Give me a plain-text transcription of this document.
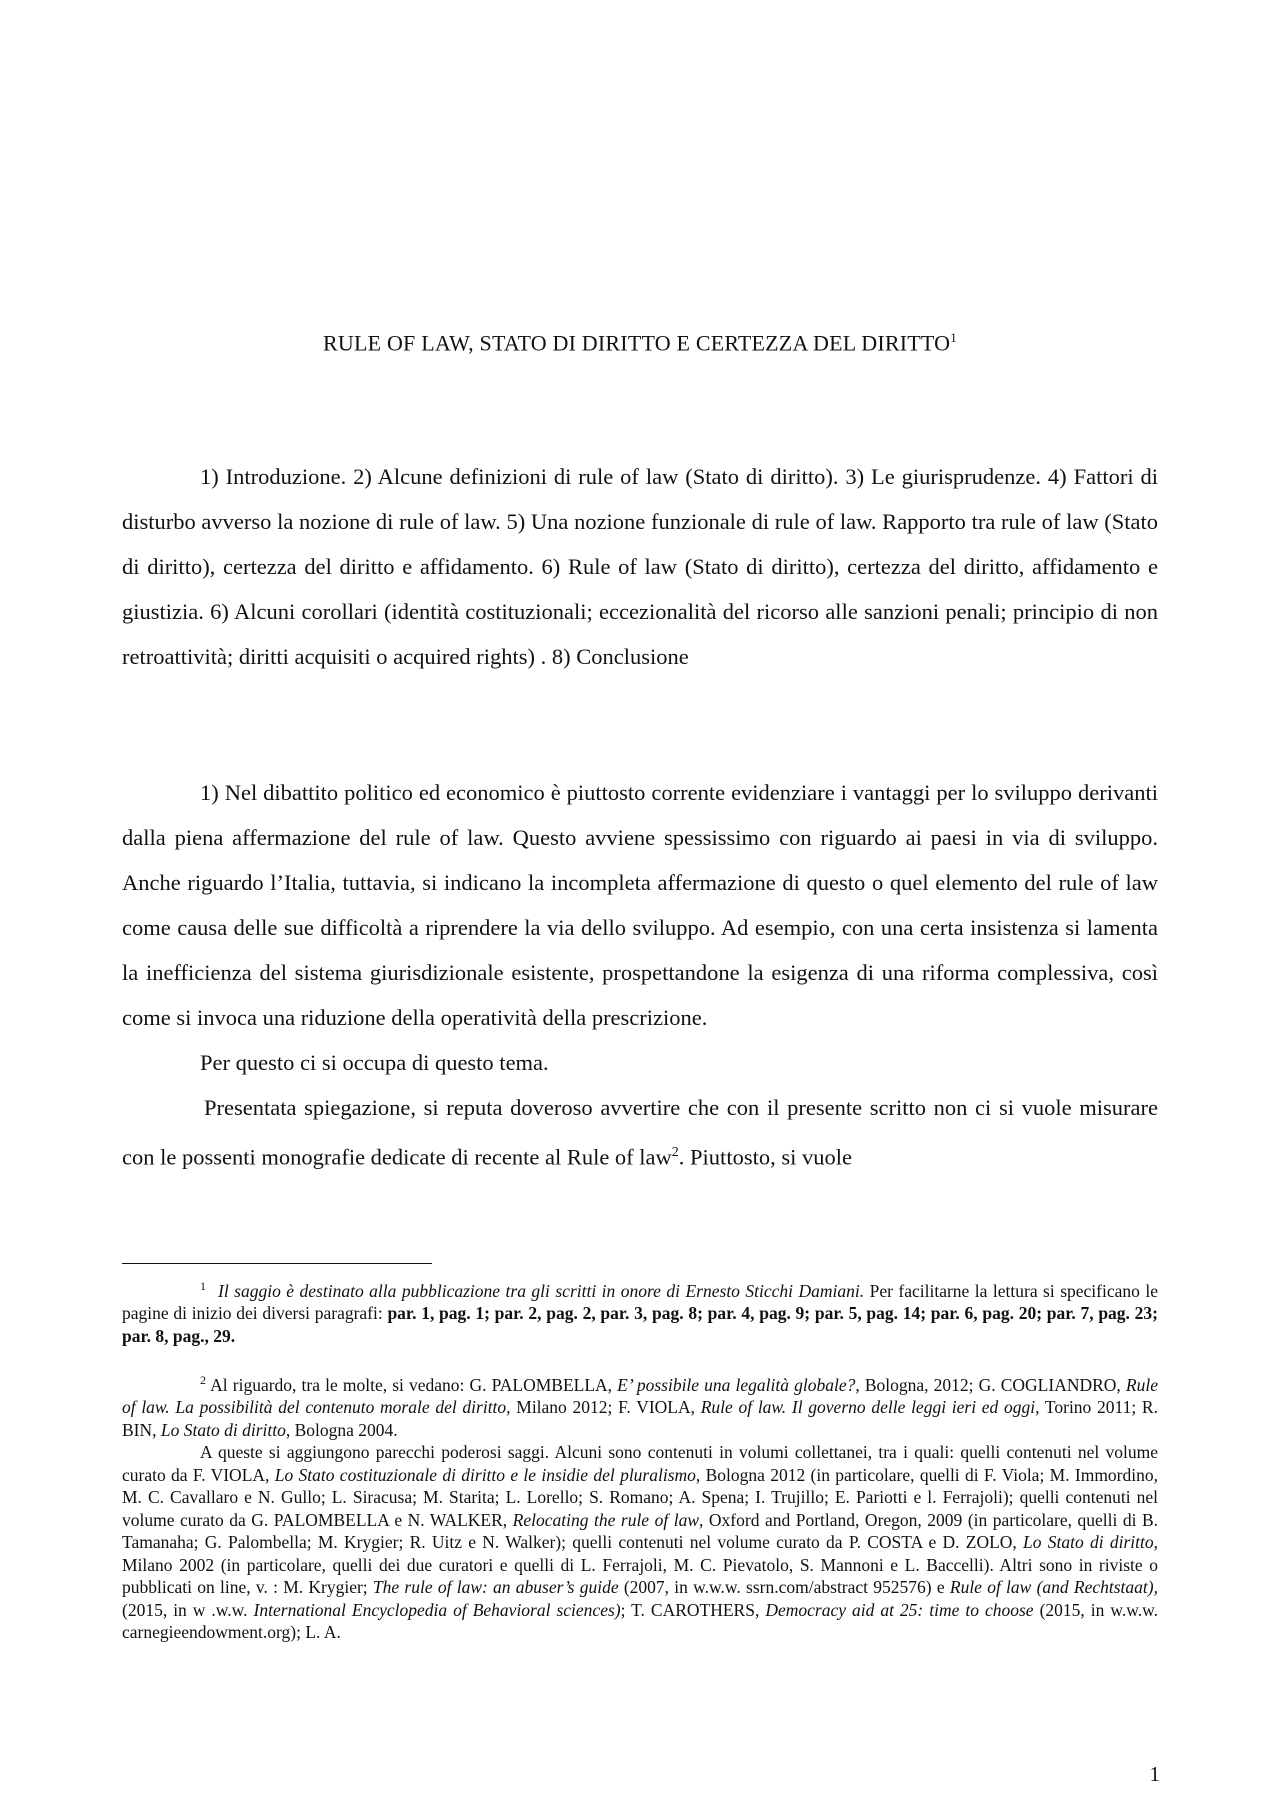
RULE OF LAW, STATO DI DIRITTO E CERTEZZA DEL DIRITTO$^1$

1) Introduzione. 2) Alcune definizioni di rule of law (Stato di diritto). 3) Le giurisprudenze. 4) Fattori di disturbo avverso la nozione di rule of law. 5) Una nozione funzionale di rule of law. Rapporto tra rule of law (Stato di diritto), certezza del diritto e affidamento. 6) Rule of law (Stato di diritto), certezza del diritto, affidamento e giustizia. 6) Alcuni corollari (identità costituzionali; eccezionalità del ricorso alle sanzioni penali; principio di non retroattività; diritti acquisiti o acquired rights) . 8) Conclusione

1) Nel dibattito politico ed economico è piuttosto corrente evidenziare i vantaggi per lo sviluppo derivanti dalla piena affermazione del rule of law. Questo avviene spessissimo con riguardo ai paesi in via di sviluppo. Anche riguardo l’Italia, tuttavia, si indicano la incompleta affermazione di questo o quel elemento del rule of law come causa delle sue difficoltà a riprendere la via dello sviluppo. Ad esempio, con una certa insistenza si lamenta la inefficienza del sistema giurisdizionale esistente, prospettandone la esigenza di una riforma complessiva, così come si invoca una riduzione della operatività della prescrizione.

Per questo ci si occupa di questo tema.

Presentata spiegazione, si reputa doveroso avvertire che con il presente scritto non ci si vuole misurare con le possenti monografie dedicate di recente al Rule of law$^2$. Piuttosto, si vuole

$^1$ Il saggio è destinato alla pubblicazione tra gli scritti in onore di Ernesto Sticchi Damiani. Per facilitarne la lettura si specificano le pagine di inizio dei diversi paragrafi: par. 1, pag. 1; par. 2, pag. 2, par. 3, pag. 8; par. 4, pag. 9; par. 5, pag. 14; par. 6, pag. 20; par. 7, pag. 23; par. 8, pag., 29.

$^2$ Al riguardo, tra le molte, si vedano: G. PALOMBELLA, E’ possibile una legalità globale?, Bologna, 2012; G. COGLIANDRO, Rule of law. La possibilità del contenuto morale del diritto, Milano 2012; F. VIOLA, Rule of law. Il governo delle leggi ieri ed oggi, Torino 2011; R. BIN, Lo Stato di diritto, Bologna 2004.

A queste si aggiungono parecchi poderosi saggi. Alcuni sono contenuti in volumi collettanei, tra i quali: quelli contenuti nel volume curato da F. VIOLA, Lo Stato costituzionale di diritto e le insidie del pluralismo, Bologna 2012 (in particolare, quelli di F. Viola; M. Immordino, M. C. Cavallaro e N. Gullo; L. Siracusa; M. Starita; L. Lorello; S. Romano; A. Spena; I. Trujillo; E. Pariotti e l. Ferrajoli); quelli contenuti nel volume curato da G. PALOMBELLA e N. WALKER, Relocating the rule of law, Oxford and Portland, Oregon, 2009 (in particolare, quelli di B. Tamanaha; G. Palombella; M. Krygier; R. Uitz e N. Walker); quelli contenuti nel volume curato da P. COSTA e D. ZOLO, Lo Stato di diritto, Milano 2002 (in particolare, quelli dei due curatori e quelli di L. Ferrajoli, M. C. Pievatolo, S. Mannoni e L. Baccelli). Altri sono in riviste o pubblicati on line, v. : M. Krygier; The rule of law: an abuser’s guide (2007, in w.w.w. ssrn.com/abstract 952576) e Rule of law (and Rechtstaat), (2015, in w .w.w. International Encyclopedia of Behavioral sciences); T. CAROTHERS, Democracy aid at 25: time to choose (2015, in w.w.w. carnegieendowment.org); L. A.

1
